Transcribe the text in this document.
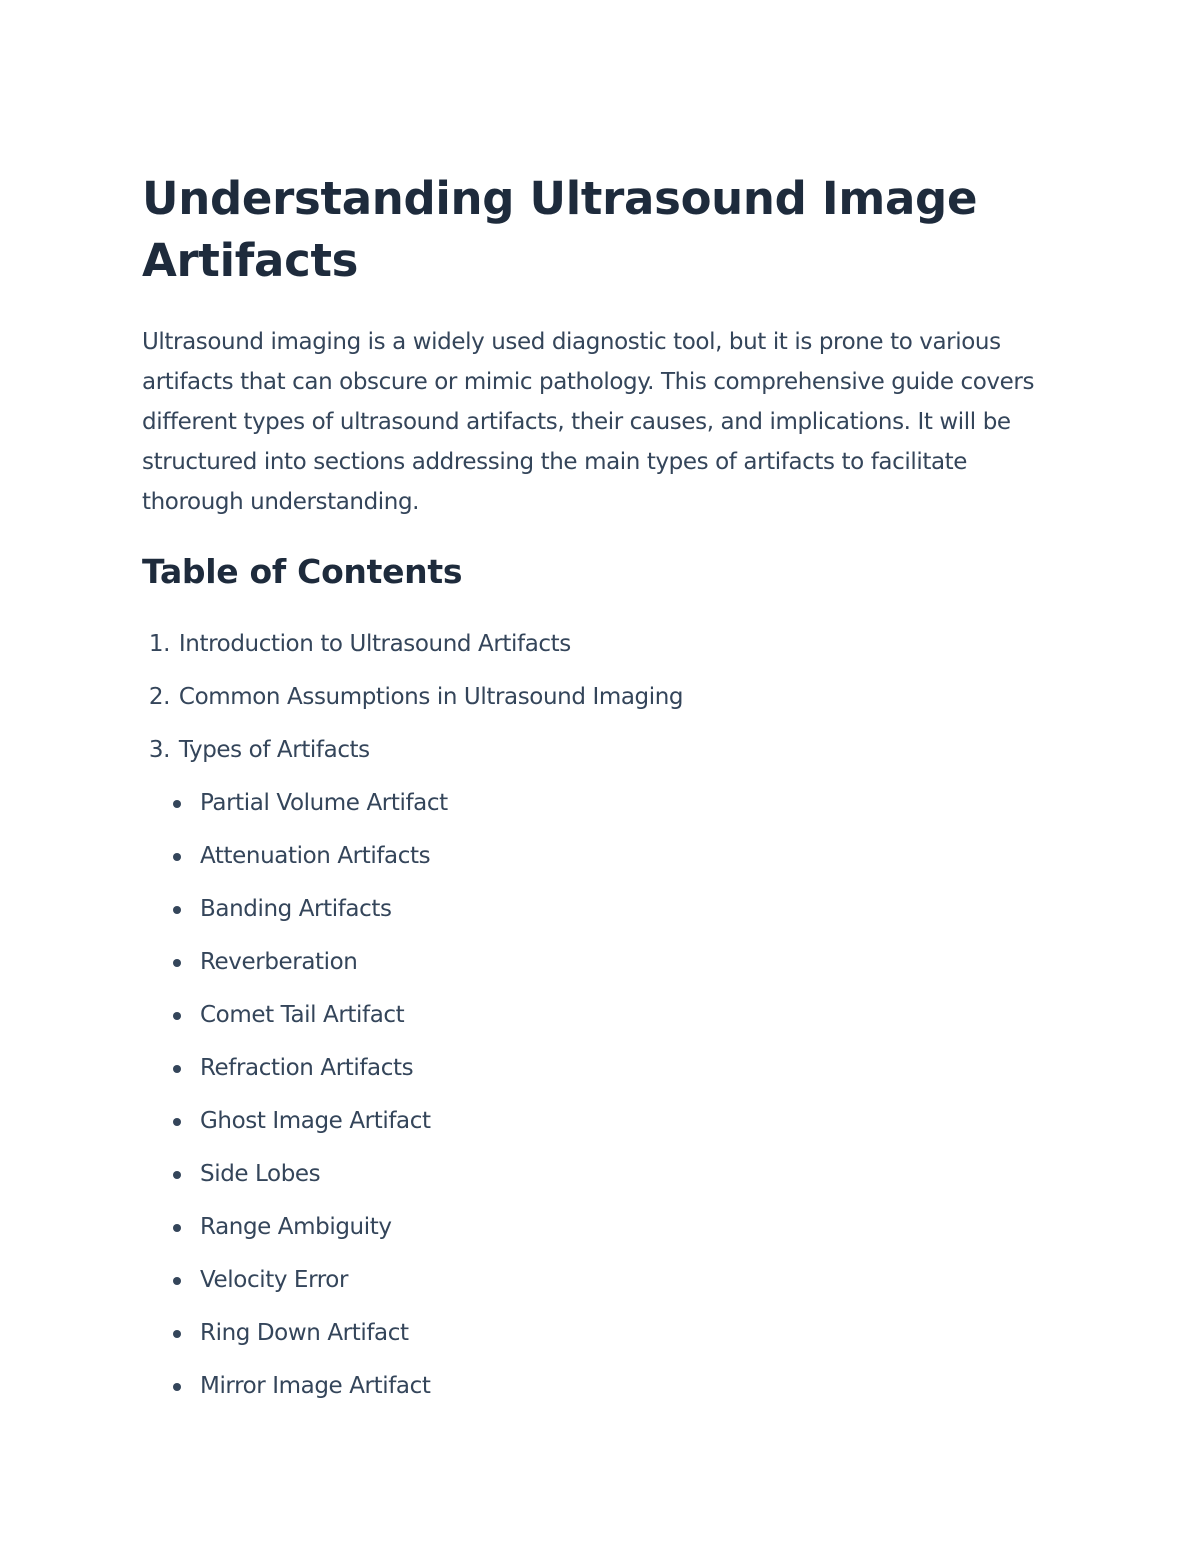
Understanding Ultrasound Image Artifacts

Ultrasound imaging is a widely used diagnostic tool, but it is prone to various artifacts that can obscure or mimic pathology. This comprehensive guide covers different types of ultrasound artifacts, their causes, and implications. It will be structured into sections addressing the main types of artifacts to facilitate thorough understanding.

Table of Contents
1. Introduction to Ultrasound Artifacts
2. Common Assumptions in Ultrasound Imaging
3. Types of Artifacts
Partial Volume Artifact
Attenuation Artifacts
Banding Artifacts
Reverberation
Comet Tail Artifact
Refraction Artifacts
Ghost Image Artifact
Side Lobes
Range Ambiguity
Velocity Error
Ring Down Artifact
Mirror Image Artifact
